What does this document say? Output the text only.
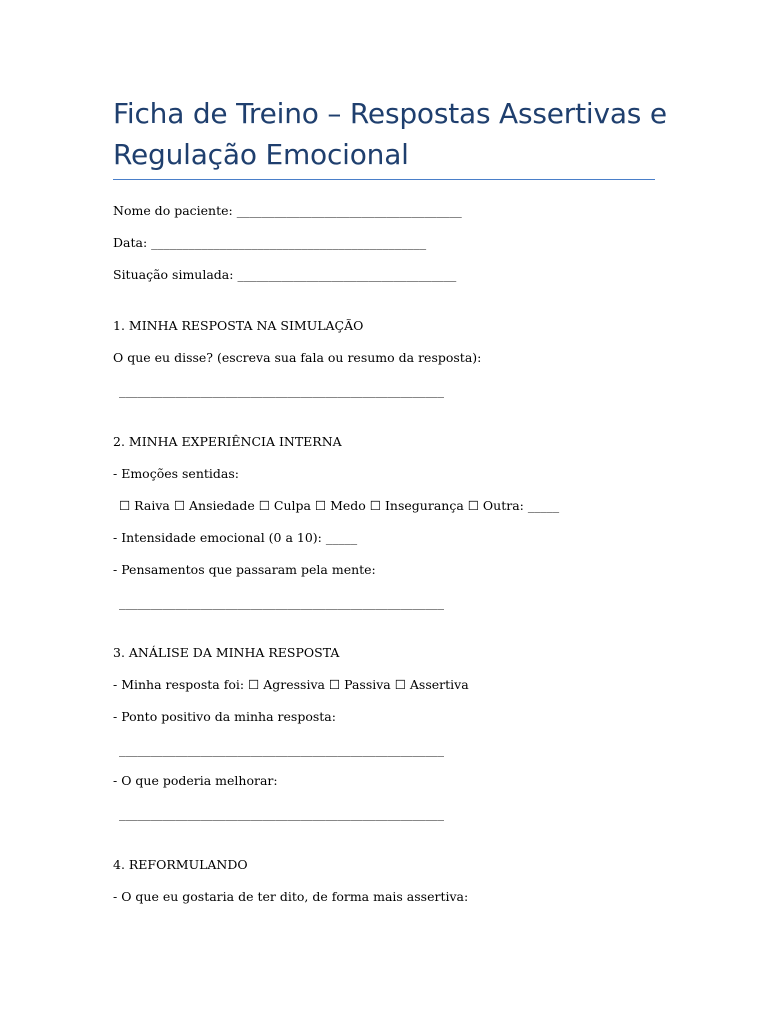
Ficha de Treino – Respostas Assertivas e Regulação Emocional
Nome do paciente: ____________________________________
Data: ____________________________________________
Situação simulada: ___________________________________
1. MINHA RESPOSTA NA SIMULAÇÃO
O que eu disse? (escreva sua fala ou resumo da resposta):
____________________________________________________
2. MINHA EXPERIÊNCIA INTERNA
- Emoções sentidas:
☐ Raiva ☐ Ansiedade ☐ Culpa ☐ Medo ☐ Insegurança ☐ Outra: _____
- Intensidade emocional (0 a 10): _____
- Pensamentos que passaram pela mente:
____________________________________________________
3. ANÁLISE DA MINHA RESPOSTA
- Minha resposta foi: ☐ Agressiva ☐ Passiva ☐ Assertiva
- Ponto positivo da minha resposta:
____________________________________________________
- O que poderia melhorar:
____________________________________________________
4. REFORMULANDO
- O que eu gostaria de ter dito, de forma mais assertiva:
